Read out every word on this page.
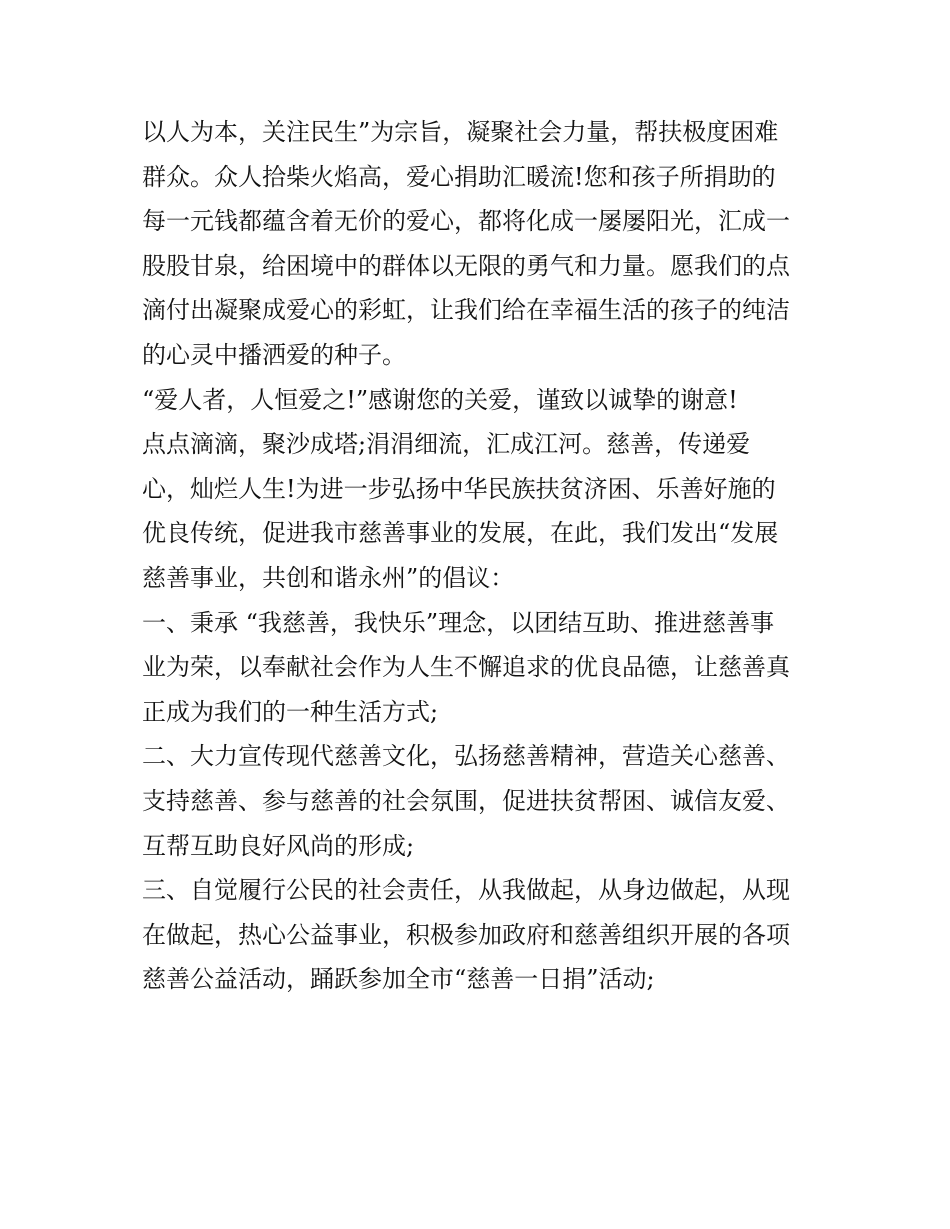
以人为本，关注民生”为宗旨，凝聚社会力量，帮扶极度困难
群众。众人拾柴火焰高，爱心捐助汇暖流!您和孩子所捐助的
每一元钱都蕴含着无价的爱心，都将化成一屡屡阳光，汇成一
股股甘泉，给困境中的群体以无限的勇气和力量。愿我们的点
滴付出凝聚成爱心的彩虹，让我们给在幸福生活的孩子的纯洁
的心灵中播洒爱的种子。
“爱人者，人恒爱之!”感谢您的关爱，谨致以诚挚的谢意!
点点滴滴，聚沙成塔;涓涓细流，汇成江河。慈善，传递爱
心，灿烂人生!为进一步弘扬中华民族扶贫济困、乐善好施的
优良传统，促进我市慈善事业的发展，在此，我们发出“发展
慈善事业，共创和谐永州”的倡议：
一、秉承 “我慈善，我快乐”理念，以团结互助、推进慈善事
业为荣，以奉献社会作为人生不懈追求的优良品德，让慈善真
正成为我们的一种生活方式;
二、大力宣传现代慈善文化，弘扬慈善精神，营造关心慈善、
支持慈善、参与慈善的社会氛围，促进扶贫帮困、诚信友爱、
互帮互助良好风尚的形成;
三、自觉履行公民的社会责任，从我做起，从身边做起，从现
在做起，热心公益事业，积极参加政府和慈善组织开展的各项
慈善公益活动，踊跃参加全市“慈善一日捐”活动;
